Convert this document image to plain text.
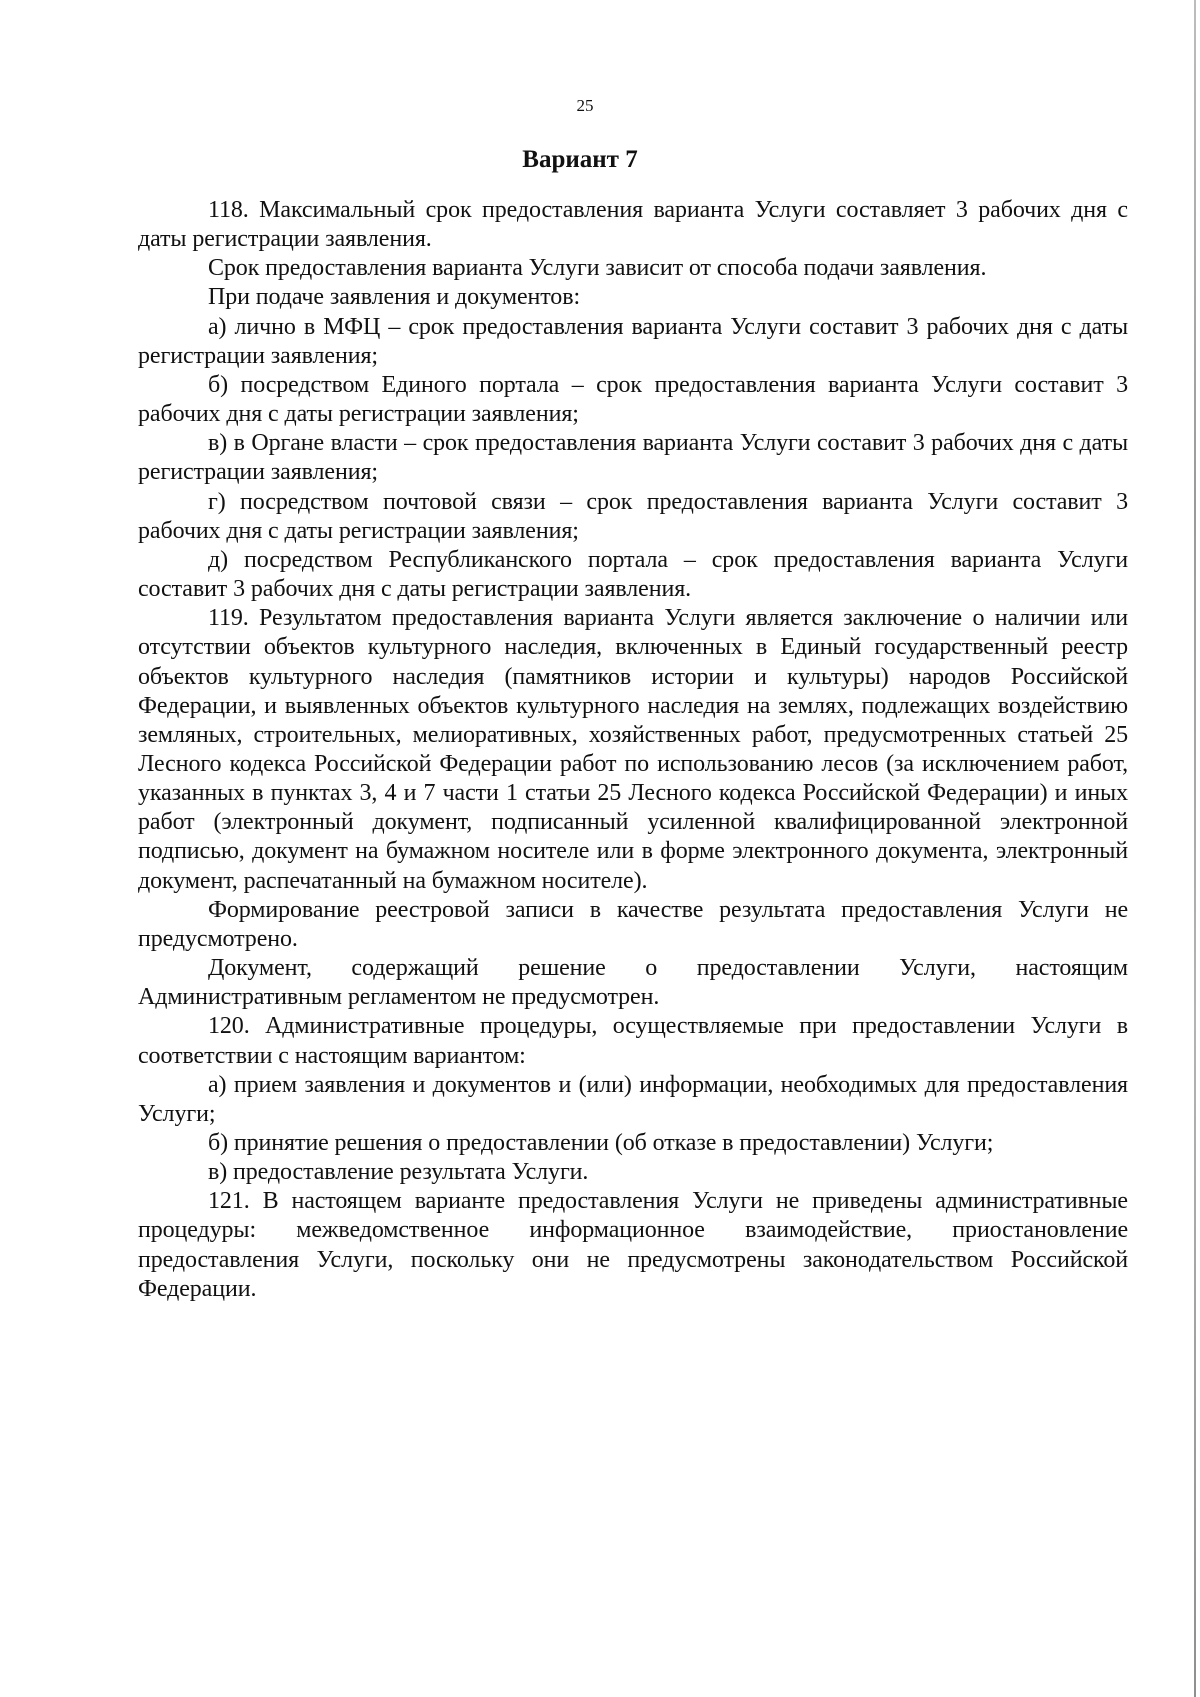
25
Вариант 7

118. Максимальный срок предоставления варианта Услуги составляет 3 рабочих дня с даты регистрации заявления.

Срок предоставления варианта Услуги зависит от способа подачи заявления.

При подаче заявления и документов:

а) лично в МФЦ – срок предоставления варианта Услуги составит 3 рабочих дня с даты регистрации заявления;

б) посредством Единого портала – срок предоставления варианта Услуги составит 3 рабочих дня с даты регистрации заявления;

в) в Органе власти – срок предоставления варианта Услуги составит 3 рабочих дня с даты регистрации заявления;

г) посредством почтовой связи – срок предоставления варианта Услуги составит 3 рабочих дня с даты регистрации заявления;

д) посредством Республиканского портала – срок предоставления варианта Услуги составит 3 рабочих дня с даты регистрации заявления.

119. Результатом предоставления варианта Услуги является заключение о наличии или отсутствии объектов культурного наследия, включенных в Единый государственный реестр объектов культурного наследия (памятников истории и культуры) народов Российской Федерации, и выявленных объектов культурного наследия на землях, подлежащих воздействию земляных, строительных, мелиоративных, хозяйственных работ, предусмотренных статьей 25 Лесного кодекса Российской Федерации работ по использованию лесов (за исключением работ, указанных в пунктах 3, 4 и 7 части 1 статьи 25 Лесного кодекса Российской Федерации) и иных работ (электронный документ, подписанный усиленной квалифицированной электронной подписью, документ на бумажном носителе или в форме электронного документа, электронный документ, распечатанный на бумажном носителе).

Формирование реестровой записи в качестве результата предоставления Услуги не предусмотрено.

Документ, содержащий решение о предоставлении Услуги, настоящим Административным регламентом не предусмотрен.

120. Административные процедуры, осуществляемые при предоставлении Услуги в соответствии с настоящим вариантом:

а) прием заявления и документов и (или) информации, необходимых для предоставления Услуги;

б) принятие решения о предоставлении (об отказе в предоставлении) Услуги;

в) предоставление результата Услуги.

121. В настоящем варианте предоставления Услуги не приведены административные процедуры: межведомственное информационное взаимодействие, приостановление предоставления Услуги, поскольку они не предусмотрены законодательством Российской Федерации.
